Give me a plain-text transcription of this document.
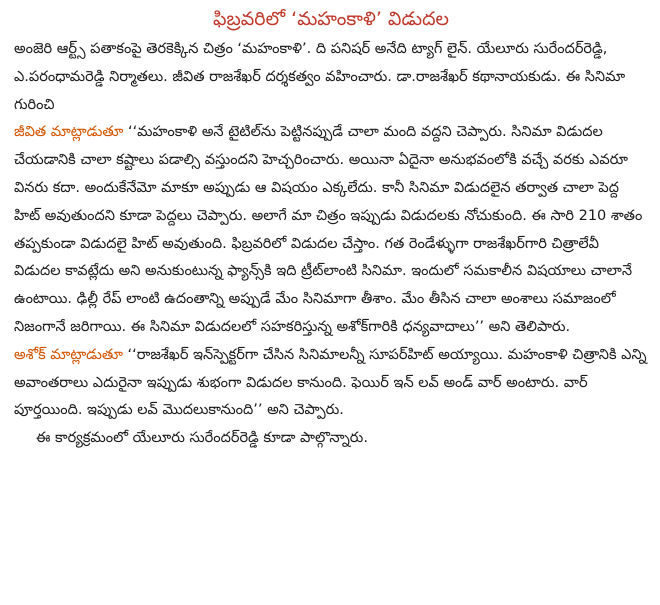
ఫిబ్రవరిలో ‘మహంకాళి’ విడుదల

అంజెరి ఆర్ట్స్ పతాకంపై తెరకెక్కిన చిత్రం ‘మహంకాళి’. ది పనిషర్ అనేది ట్యాగ్ లైన్. యేలూరు సురేందర్‌రెడ్డి, ఎ.పరంధామరెడ్డి నిర్మాతలు. జీవిత రాజశేఖర్ దర్శకత్వం వహించారు. డా.రాజశేఖర్ కథానాయకుడు. ఈ సినిమా గురించి

జీవిత మాట్లాడుతూ ‘‘మహంకాళి అనే టైటిల్‌ను పెట్టినప్పుడే చాలా మంది వద్దని చెప్పారు. సినిమా విడుదల చేయడానికి చాలా కష్టాలు పడాల్సి వస్తుందని హెచ్చరించారు. అయినా ఏదైనా అనుభవంలోకి వచ్చే వరకు ఎవరూ వినరు కదా. అందుకేనేమో మాకూ అప్పుడు ఆ విషయం ఎక్కలేదు. కానీ సినిమా విడుదలైన తర్వాత చాలా పెద్ద హిట్ అవుతుందని కూడా పెద్దలు చెప్పారు. అలాగే మా చిత్రం ఇప్పుడు విడుదలకు నోచుకుంది. ఈ సారి 210 శాతం తప్పకుండా విడుదలై హిట్ అవుతుంది. ఫిబ్రవరిలో విడుదల చేస్తాం. గత రెండేళ్ళుగా రాజశేఖర్‌గారి చిత్రాలేవీ విడుదల కావట్లేదు అని అనుకుంటున్న ఫ్యాన్స్‌కి ఇది ట్రీట్‌లాంటి సినిమా. ఇందులో సమకాలీన విషయాలు చాలానే ఉంటాయి. ఢిల్లీ రేప్ లాంటి ఉదంతాన్ని అప్పుడే మేం సినిమాగా తీశాం. మేం తీసిన చాలా అంశాలు సమాజంలో నిజంగానే జరిగాయి. ఈ సినిమా విడుదలలో సహకరిస్తున్న అశోక్‌గారికి ధన్యవాదాలు’’ అని తెలిపారు.

అశోక్ మాట్లాడుతూ ‘‘రాజశేఖర్ ఇన్‌స్పెక్టర్‌గా చేసిన సినిమాలన్నీ సూపర్‌హిట్ అయ్యాయి. మహంకాళి చిత్రానికి ఎన్ని అవాంతరాలు ఎదురైనా ఇప్పుడు శుభంగా విడుదల కానుంది. ఫెయిర్ ఇన్ లవ్ అండ్ వార్ అంటారు. వార్ పూర్తయింది. ఇప్పుడు లవ్ మొదలుకానుంది’’ అని చెప్పారు.

ఈ కార్యక్రమంలో యేలూరు సురేందర్‌రెడ్డి కూడా పాల్గొన్నారు.
